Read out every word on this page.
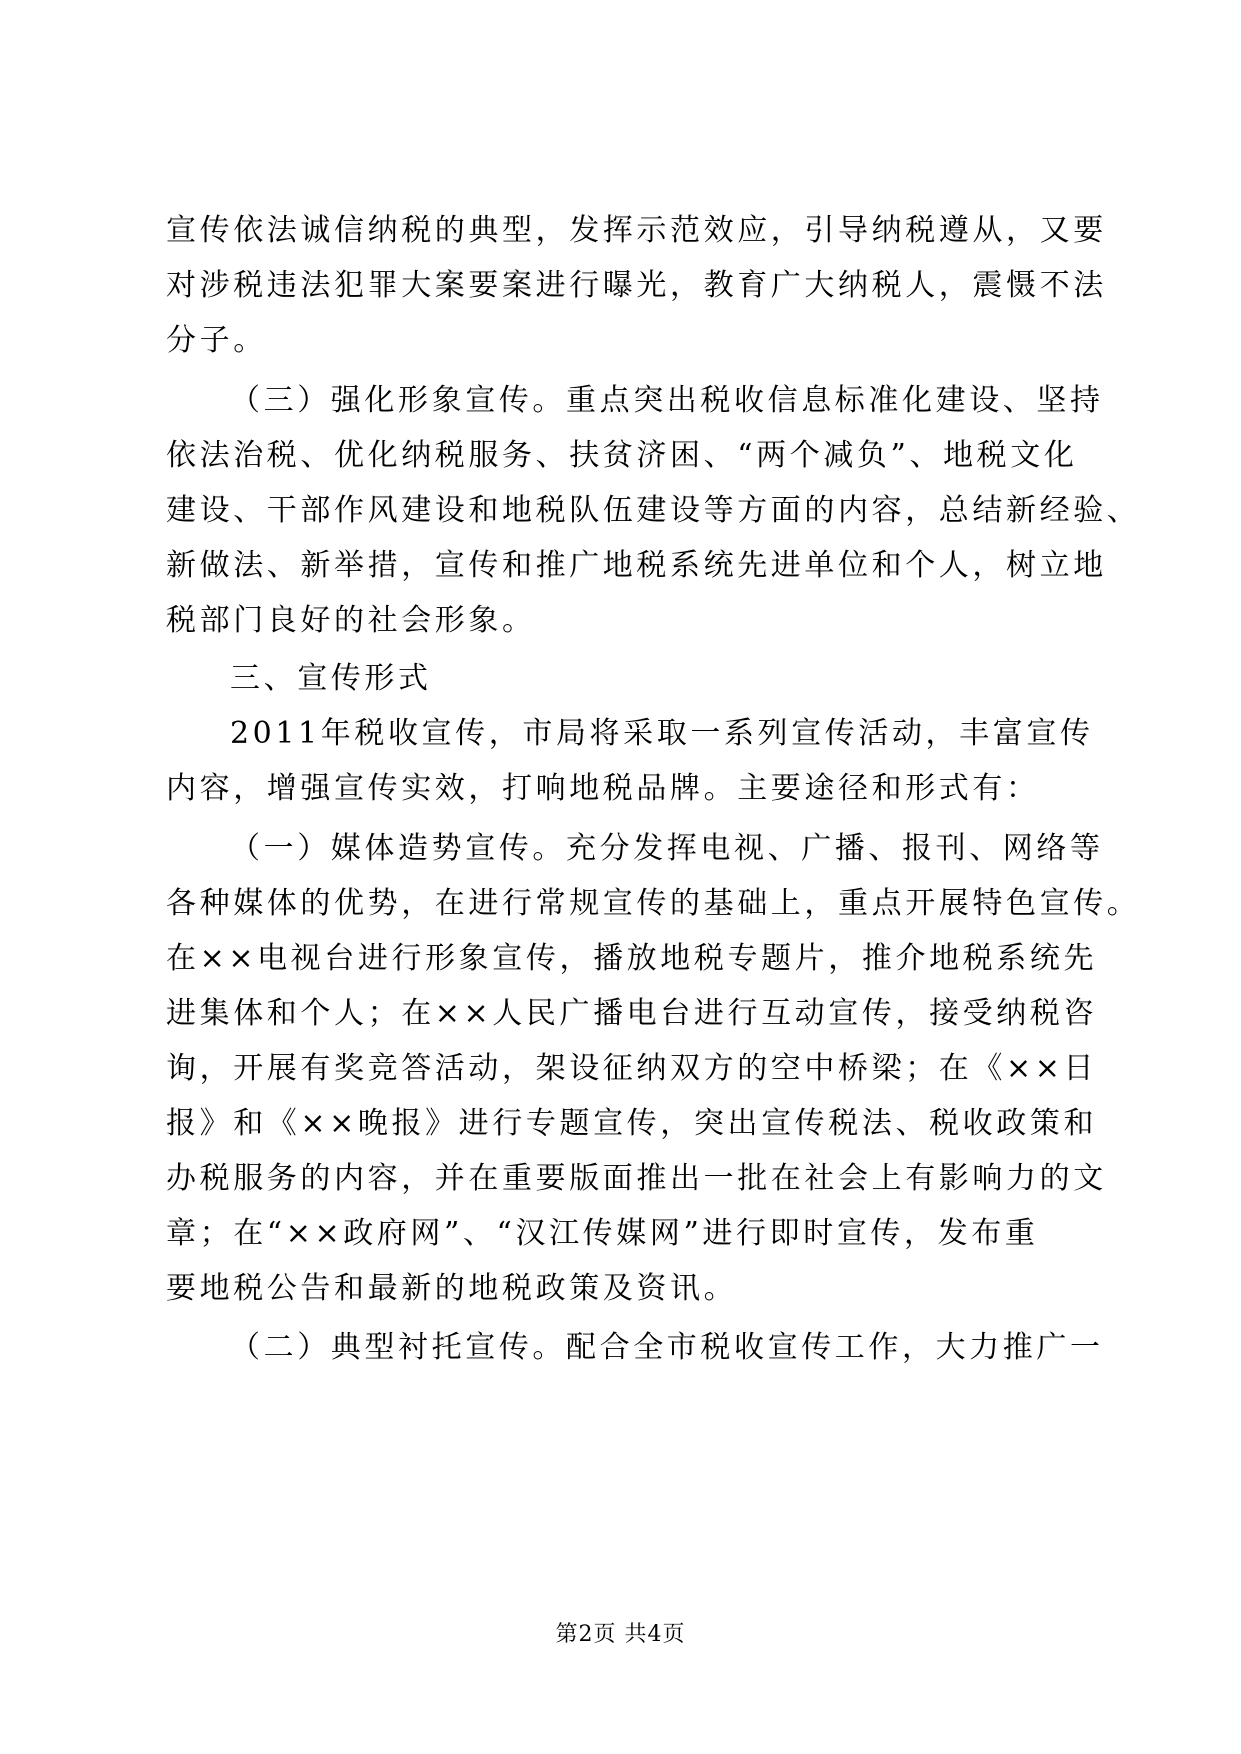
宣传依法诚信纳税的典型，发挥示范效应，引导纳税遵从，又要
对涉税违法犯罪大案要案进行曝光，教育广大纳税人，震慑不法
分子。
（三）强化形象宣传。重点突出税收信息标准化建设、坚持
依法治税、优化纳税服务、扶贫济困、“两个减负”、地税文化
建设、干部作风建设和地税队伍建设等方面的内容，总结新经验、
新做法、新举措，宣传和推广地税系统先进单位和个人，树立地
税部门良好的社会形象。
三、宣传形式
2011年税收宣传，市局将采取一系列宣传活动，丰富宣传
内容，增强宣传实效，打响地税品牌。主要途径和形式有：
（一）媒体造势宣传。充分发挥电视、广播、报刊、网络等
各种媒体的优势，在进行常规宣传的基础上，重点开展特色宣传。
在××电视台进行形象宣传，播放地税专题片，推介地税系统先
进集体和个人；在××人民广播电台进行互动宣传，接受纳税咨
询，开展有奖竞答活动，架设征纳双方的空中桥梁；在《××日
报》和《××晚报》进行专题宣传，突出宣传税法、税收政策和
办税服务的内容，并在重要版面推出一批在社会上有影响力的文
章；在“××政府网”、“汉江传媒网”进行即时宣传，发布重
要地税公告和最新的地税政策及资讯。
（二）典型衬托宣传。配合全市税收宣传工作，大力推广一
第2页 共4页
